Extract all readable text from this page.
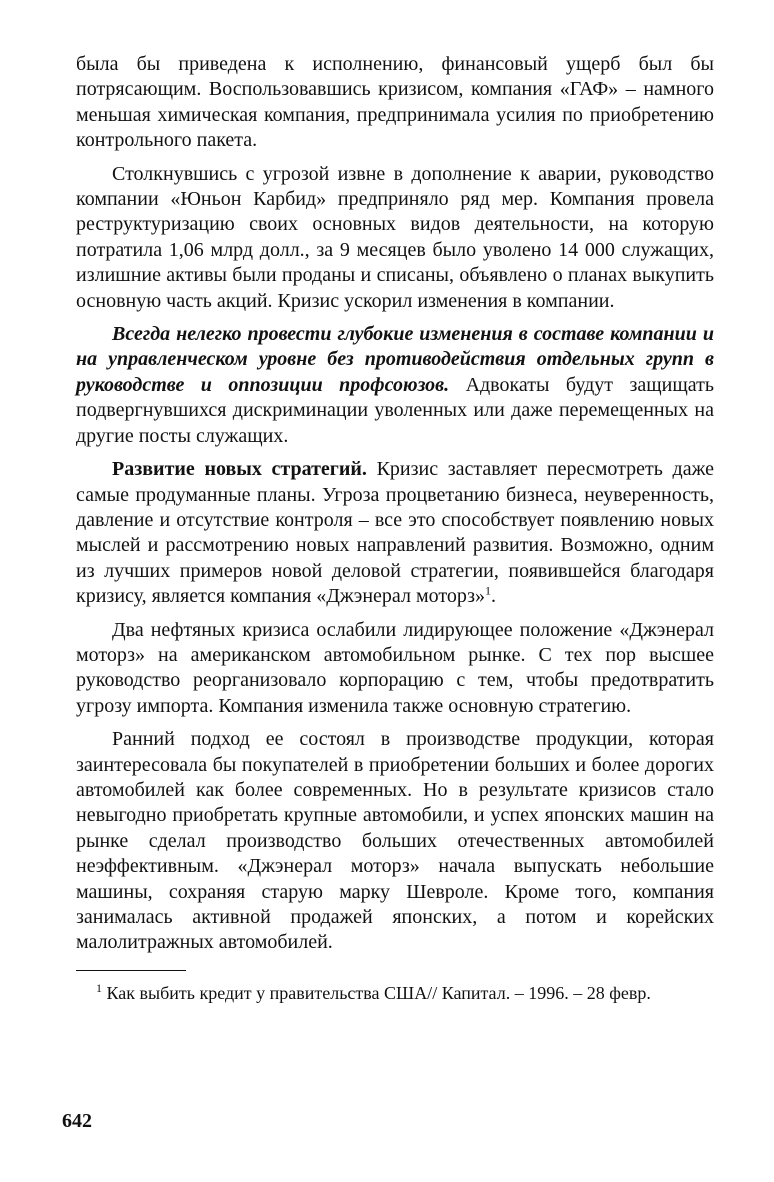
была бы приведена к исполнению, финансовый ущерб был бы потрясающим. Воспользовавшись кризисом, компания «ГАФ» – намного меньшая химическая компания, предпринимала усилия по приобретению контрольного пакета.

Столкнувшись с угрозой извне в дополнение к аварии, руководство компании «Юньон Карбид» предприняло ряд мер. Компания провела реструктуризацию своих основных видов деятельности, на которую потратила 1,06 млрд долл., за 9 месяцев было уволено 14 000 служащих, излишние активы были проданы и списаны, объявлено о планах выкупить основную часть акций. Кризис ускорил изменения в компании.

Всегда нелегко провести глубокие изменения в составе компании и на управленческом уровне без противодействия отдельных групп в руководстве и оппозиции профсоюзов. Адвокаты будут защищать подвергнувшихся дискриминации уволенных или даже перемещенных на другие посты служащих.

Развитие новых стратегий. Кризис заставляет пересмотреть даже самые продуманные планы. Угроза процветанию бизнеса, неуверенность, давление и отсутствие контроля – все это способствует появлению новых мыслей и рассмотрению новых направлений развития. Возможно, одним из лучших примеров новой деловой стратегии, появившейся благодаря кризису, является компания «Джэнерал моторз»$^1$.

Два нефтяных кризиса ослабили лидирующее положение «Джэнерал моторз» на американском автомобильном рынке. С тех пор высшее руководство реорганизовало корпорацию с тем, чтобы предотвратить угрозу импорта. Компания изменила также основную стратегию.

Ранний подход ее состоял в производстве продукции, которая заинтересовала бы покупателей в приобретении больших и более дорогих автомобилей как более современных. Но в результате кризисов стало невыгодно приобретать крупные автомобили, и успех японских машин на рынке сделал производство больших отечественных автомобилей неэффективным. «Джэнерал моторз» начала выпускать небольшие машины, сохраняя старую марку Шевроле. Кроме того, компания занималась активной продажей японских, а потом и корейских малолитражных автомобилей.

$^1$ Как выбить кредит у правительства США// Капитал. – 1996. – 28 февр.

642
